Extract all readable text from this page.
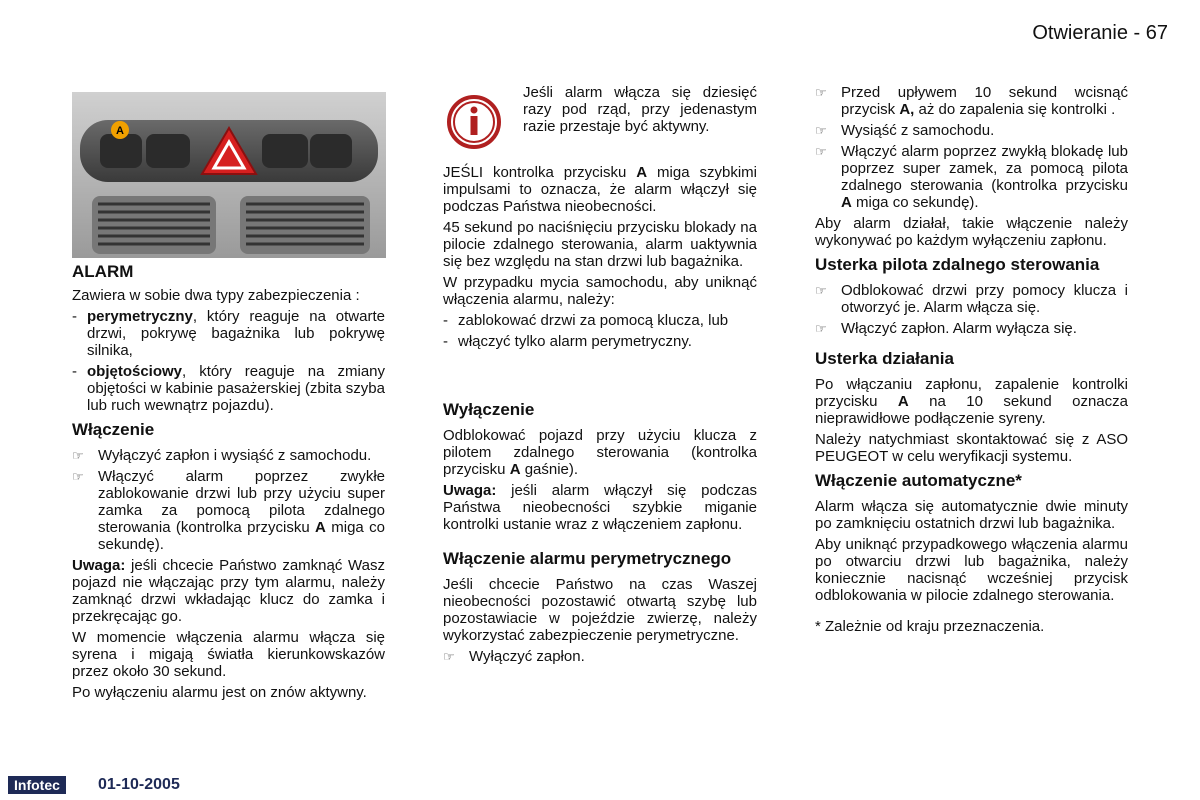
Otwieranie - 67
A
ALARM

Zawiera w sobie dwa typy zabezpieczenia :

- perymetryczny, który reaguje na otwarte drzwi, pokrywę bagażnika lub pokrywę silnika,
- objętościowy, który reaguje na zmiany objętości w kabinie pasażerskiej (zbita szyba lub ruch wewnątrz pojazdu).
Włączenie
☞ Wyłączyć zapłon i wysiąść z samochodu.
☞ Włączyć alarm poprzez zwykłe zablokowanie drzwi lub przy użyciu super zamka za pomocą pilota zdalnego sterowania (kontrolka przycisku A miga co sekundę).

Uwaga: jeśli chcecie Państwo zamknąć Wasz pojazd nie włączając przy tym alarmu, należy zamknąć drzwi wkładając klucz do zamka i przekręcając go.

W momencie włączenia alarmu włącza się syrena i migają światła kierunkowskazów przez około 30 sekund.

Po wyłączeniu alarmu jest on znów aktywny.

Jeśli alarm włącza się dziesięć razy pod rząd, przy jedenastym razie przestaje być aktywny.

JEŚLI kontrolka przycisku A miga szybkimi impulsami to oznacza, że alarm włączył się podczas Państwa nieobecności.

45 sekund po naciśnięciu przycisku blokady na pilocie zdalnego sterowania, alarm uaktywnia się bez względu na stan drzwi lub bagażnika.

W przypadku mycia samochodu, aby uniknąć włączenia alarmu, należy:

- zablokować drzwi za pomocą klucza, lub
- włączyć tylko alarm perymetryczny.
Wyłączenie

Odblokować pojazd przy użyciu klucza z pilotem zdalnego sterowania (kontrolka przycisku A gaśnie).

Uwaga: jeśli alarm włączył się podczas Państwa nieobecności szybkie miganie kontrolki ustanie wraz z włączeniem zapłonu.

Włączenie alarmu perymetrycznego

Jeśli chcecie Państwo na czas Waszej nieobecności pozostawić otwartą szybę lub pozostawiacie w pojeździe zwierzę, należy wykorzystać zabezpieczenie perymetryczne.

☞ Wyłączyć zapłon.
☞ Przed upływem 10 sekund wcisnąć przycisk A, aż do zapalenia się kontrolki .
☞ Wysiąść z samochodu.
☞ Włączyć alarm poprzez zwykłą blokadę lub poprzez super zamek, za pomocą pilota zdalnego sterowania (kontrolka przycisku A miga co sekundę).

Aby alarm działał, takie włączenie należy wykonywać po każdym wyłączeniu zapłonu.

Usterka pilota zdalnego sterowania
☞ Odblokować drzwi przy pomocy klucza i otworzyć je. Alarm włącza się.
☞ Włączyć zapłon. Alarm wyłącza się.
Usterka działania

Po włączaniu zapłonu, zapalenie kontrolki przycisku A na 10 sekund oznacza nieprawidłowe podłączenie syreny.

Należy natychmiast skontaktować się z ASO PEUGEOT w celu weryfikacji systemu.

Włączenie automatyczne*

Alarm włącza się automatycznie dwie minuty po zamknięciu ostatnich drzwi lub bagażnika.

Aby uniknąć przypadkowego włączenia alarmu po otwarciu drzwi lub bagażnika, należy koniecznie nacisnąć wcześniej przycisk odblokowania w pilocie zdalnego sterowania.

* Zależnie od kraju przeznaczenia.

Infotec	01-10-2005
